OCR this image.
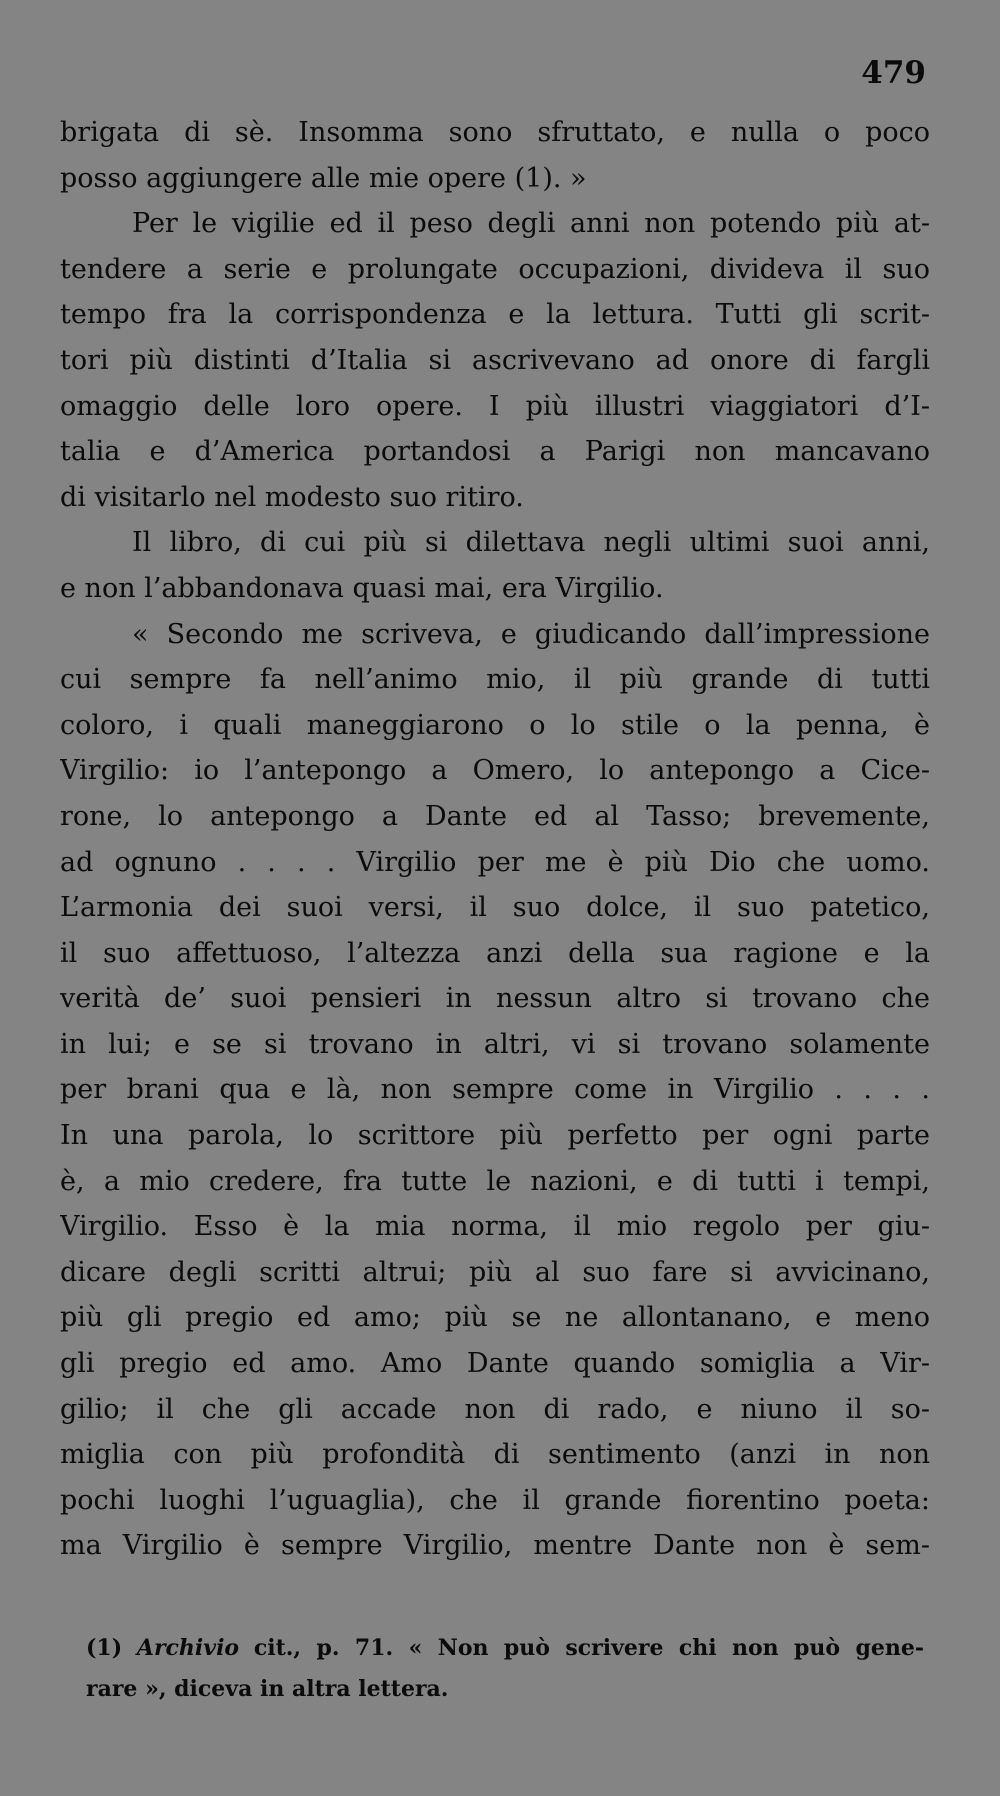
479
brigata di sè. Insomma sono sfruttato, e nulla o poco
posso aggiungere alle mie opere (1). »
Per le vigilie ed il peso degli anni non potendo più at-
tendere a serie e prolungate occupazioni, divideva il suo
tempo fra la corrispondenza e la lettura. Tutti gli scrit-
tori più distinti d’Italia si ascrivevano ad onore di fargli
omaggio delle loro opere. I più illustri viaggiatori d’I-
talia e d’America portandosi a Parigi non mancavano
di visitarlo nel modesto suo ritiro.
Il libro, di cui più si dilettava negli ultimi suoi anni,
e non l’abbandonava quasi mai, era Virgilio.
« Secondo me scriveva, e giudicando dall’impressione
cui sempre fa nell’animo mio, il più grande di tutti
coloro, i quali maneggiarono o lo stile o la penna, è
Virgilio: io l’antepongo a Omero, lo antepongo a Cice-
rone, lo antepongo a Dante ed al Tasso; brevemente,
ad ognuno . . . . Virgilio per me è più Dio che uomo.
L’armonia dei suoi versi, il suo dolce, il suo patetico,
il suo affettuoso, l’altezza anzi della sua ragione e la
verità de’ suoi pensieri in nessun altro si trovano che
in lui; e se si trovano in altri, vi si trovano solamente
per brani qua e là, non sempre come in Virgilio . . . .
In una parola, lo scrittore più perfetto per ogni parte
è, a mio credere, fra tutte le nazioni, e di tutti i tempi,
Virgilio. Esso è la mia norma, il mio regolo per giu-
dicare degli scritti altrui; più al suo fare si avvicinano,
più gli pregio ed amo; più se ne allontanano, e meno
gli pregio ed amo. Amo Dante quando somiglia a Vir-
gilio; il che gli accade non di rado, e niuno il so-
miglia con più profondità di sentimento (anzi in non
pochi luoghi l’uguaglia), che il grande fiorentino poeta:
ma Virgilio è sempre Virgilio, mentre Dante non è sem-
(1) Archivio cit., p. 71. « Non può scrivere chi non può gene-
rare », diceva in altra lettera.
